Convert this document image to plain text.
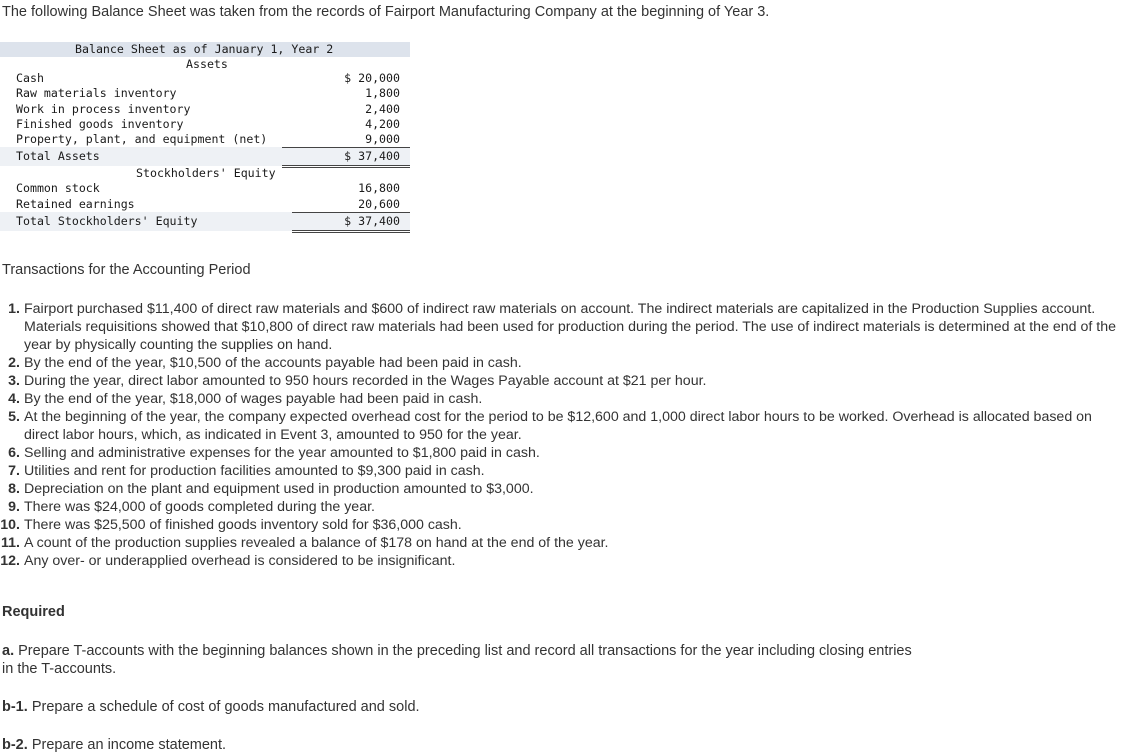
The following Balance Sheet was taken from the records of Fairport Manufacturing Company at the beginning of Year 3.
Balance Sheet as of January 1, Year 2
Assets
Cash	$ 20,000
Raw materials inventory	1,800
Work in process inventory	2,400
Finished goods inventory	4,200
Property, plant, and equipment (net)	9,000
Total Assets	$ 37,400
Stockholders' Equity
Common stock	16,800
Retained earnings	20,600
Total Stockholders' Equity	$ 37,400
Transactions for the Accounting Period
1. Fairport purchased $11,400 of direct raw materials and $600 of indirect raw materials on account. The indirect materials are capitalized in the Production Supplies account. Materials requisitions showed that $10,800 of direct raw materials had been used for production during the period. The use of indirect materials is determined at the end of the year by physically counting the supplies on hand.
2. By the end of the year, $10,500 of the accounts payable had been paid in cash.
3. During the year, direct labor amounted to 950 hours recorded in the Wages Payable account at $21 per hour.
4. By the end of the year, $18,000 of wages payable had been paid in cash.
5. At the beginning of the year, the company expected overhead cost for the period to be $12,600 and 1,000 direct labor hours to be worked. Overhead is allocated based on direct labor hours, which, as indicated in Event 3, amounted to 950 for the year.
6. Selling and administrative expenses for the year amounted to $1,800 paid in cash.
7. Utilities and rent for production facilities amounted to $9,300 paid in cash.
8. Depreciation on the plant and equipment used in production amounted to $3,000.
9. There was $24,000 of goods completed during the year.
10. There was $25,500 of finished goods inventory sold for $36,000 cash.
11. A count of the production supplies revealed a balance of $178 on hand at the end of the year.
12. Any over- or underapplied overhead is considered to be insignificant.
Required
a. Prepare T-accounts with the beginning balances shown in the preceding list and record all transactions for the year including closing entries in the T-accounts.
b-1. Prepare a schedule of cost of goods manufactured and sold.
b-2. Prepare an income statement.
